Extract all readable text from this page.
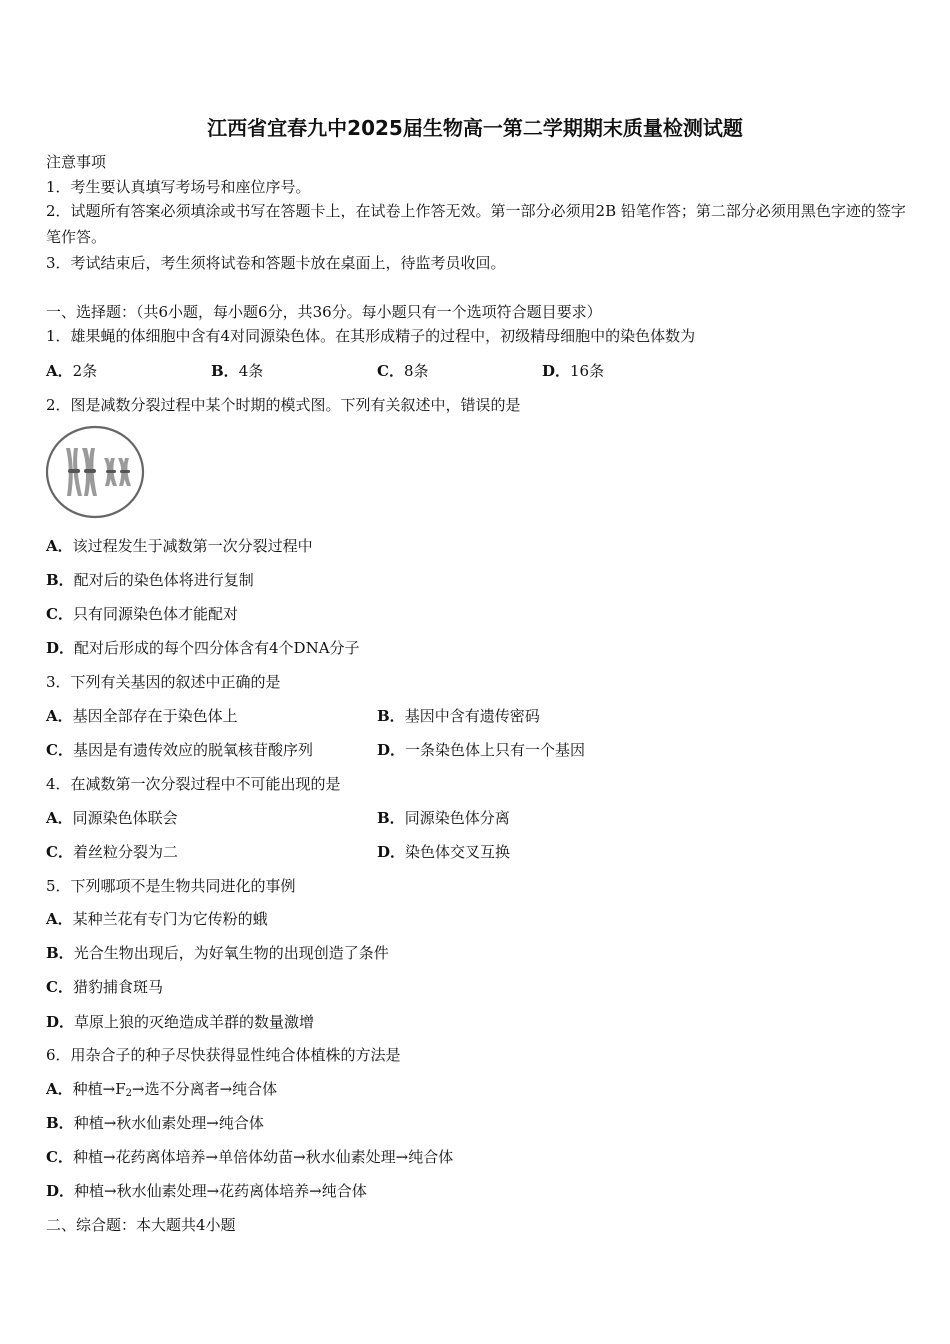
江西省宜春九中2025届生物高一第二学期期末质量检测试题
注意事项
1．考生要认真填写考场号和座位序号。
2．试题所有答案必须填涂或书写在答题卡上，在试卷上作答无效。第一部分必须用2B 铅笔作答；第二部分必须用黑色字迹的签字笔作答。
3．考试结束后，考生须将试卷和答题卡放在桌面上，待监考员收回。
一、选择题：（共6小题，每小题6分，共36分。每小题只有一个选项符合题目要求）
1．雄果蝇的体细胞中含有4对同源染色体。在其形成精子的过程中，初级精母细胞中的染色体数为
A．2条	B．4条	C．8条	D．16条
2．图是减数分裂过程中某个时期的模式图。下列有关叙述中，错误的是
A．该过程发生于减数第一次分裂过程中
B．配对后的染色体将进行复制
C．只有同源染色体才能配对
D．配对后形成的每个四分体含有4个DNA分子
3．下列有关基因的叙述中正确的是
A．基因全部存在于染色体上	B．基因中含有遗传密码
C．基因是有遗传效应的脱氧核苷酸序列	D．一条染色体上只有一个基因
4．在减数第一次分裂过程中不可能出现的是
A．同源染色体联会	B．同源染色体分离
C．着丝粒分裂为二	D．染色体交叉互换
5．下列哪项不是生物共同进化的事例
A．某种兰花有专门为它传粉的蛾
B．光合生物出现后，为好氧生物的出现创造了条件
C．猎豹捕食斑马
D．草原上狼的灭绝造成羊群的数量激增
6．用杂合子的种子尽快获得显性纯合体植株的方法是
A．种植$\to F_2\to$选不分离者→纯合体
B．种植→秋水仙素处理→纯合体
C．种植→花药离体培养→单倍体幼苗→秋水仙素处理→纯合体
D．种植→秋水仙素处理→花药离体培养→纯合体
二、综合题：本大题共4小题
